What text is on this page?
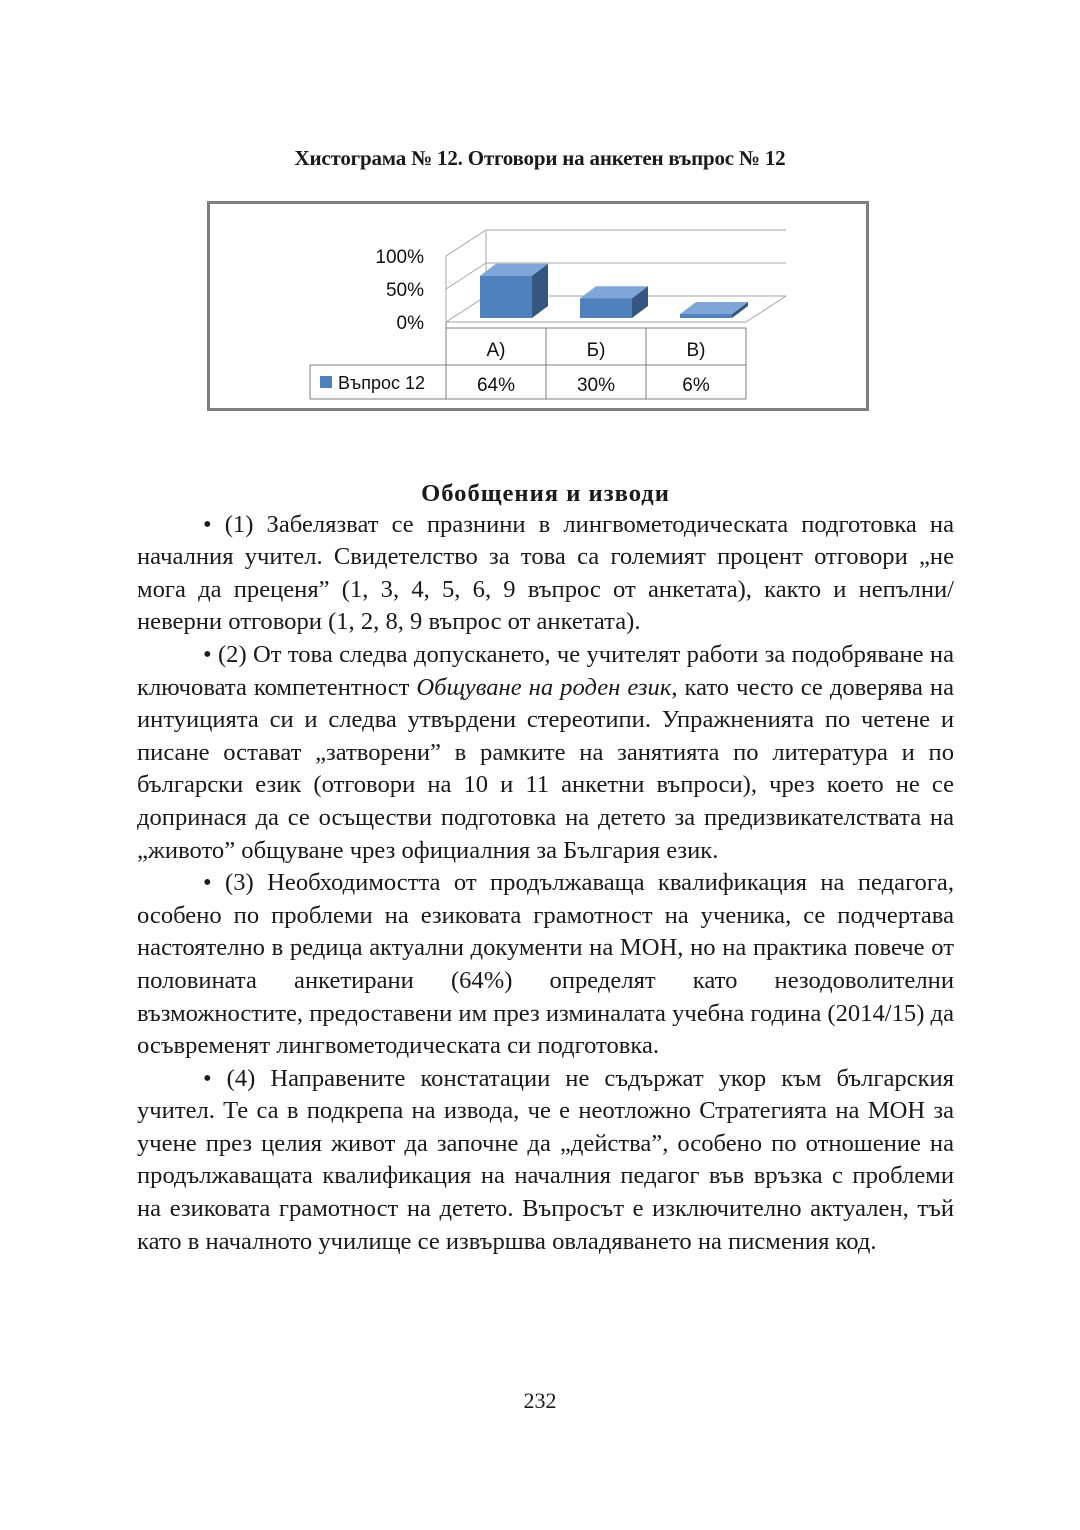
Хистограма № 12. Отговори на анкетен въпрос № 12
100%
50%
0%
А)	Б)	В)
64%	30%	6%
Въпрос 12

Обобщения и изводи

• (1) Забелязват се празнини в лингвометодическата подготовка на началния учител. Свидетелство за това са големият процент отговори „не мога да преценя” (1, 3, 4, 5, 6, 9 въпрос от анкетата), както и непълни/неверни отговори (1, 2, 8, 9 въпрос от анкетата).

• (2) От това следва допускането, че учителят работи за подобряване на ключовата компетентност Общуване на роден език, като често се доверява на интуицията си и следва утвърдени стереотипи. Упражненията по четене и писане остават „затворени” в рамките на занятията по литература и по български език (отговори на 10 и 11 анкетни въпроси), чрез което не се допринася да се осъществи подготовка на детето за предизвикателствата на „живото” общуване чрез официалния за България език.

• (3) Необходимостта от продължаваща квалификация на педагога, особено по проблеми на езиковата грамотност на ученика, се подчертава настоятелно в редица актуални документи на МОН, но на практика повече от половината анкетирани (64%) определят като незодоволителни възможностите, предоставени им през изминалата учебна година (2014/15) да осъвременят лингвометодическата си подготовка.

• (4) Направените констатации не съдържат укор към българския учител. Те са в подкрепа на извода, че е неотложно Стратегията на МОН за учене през целия живот да започне да „действа”, особено по отношение на продължаващата квалификация на началния педагог във връзка с проблеми на езиковата грамотност на детето. Въпросът е изключително актуален, тъй като в началното училище се извършва овладяването на писмения код.

232
